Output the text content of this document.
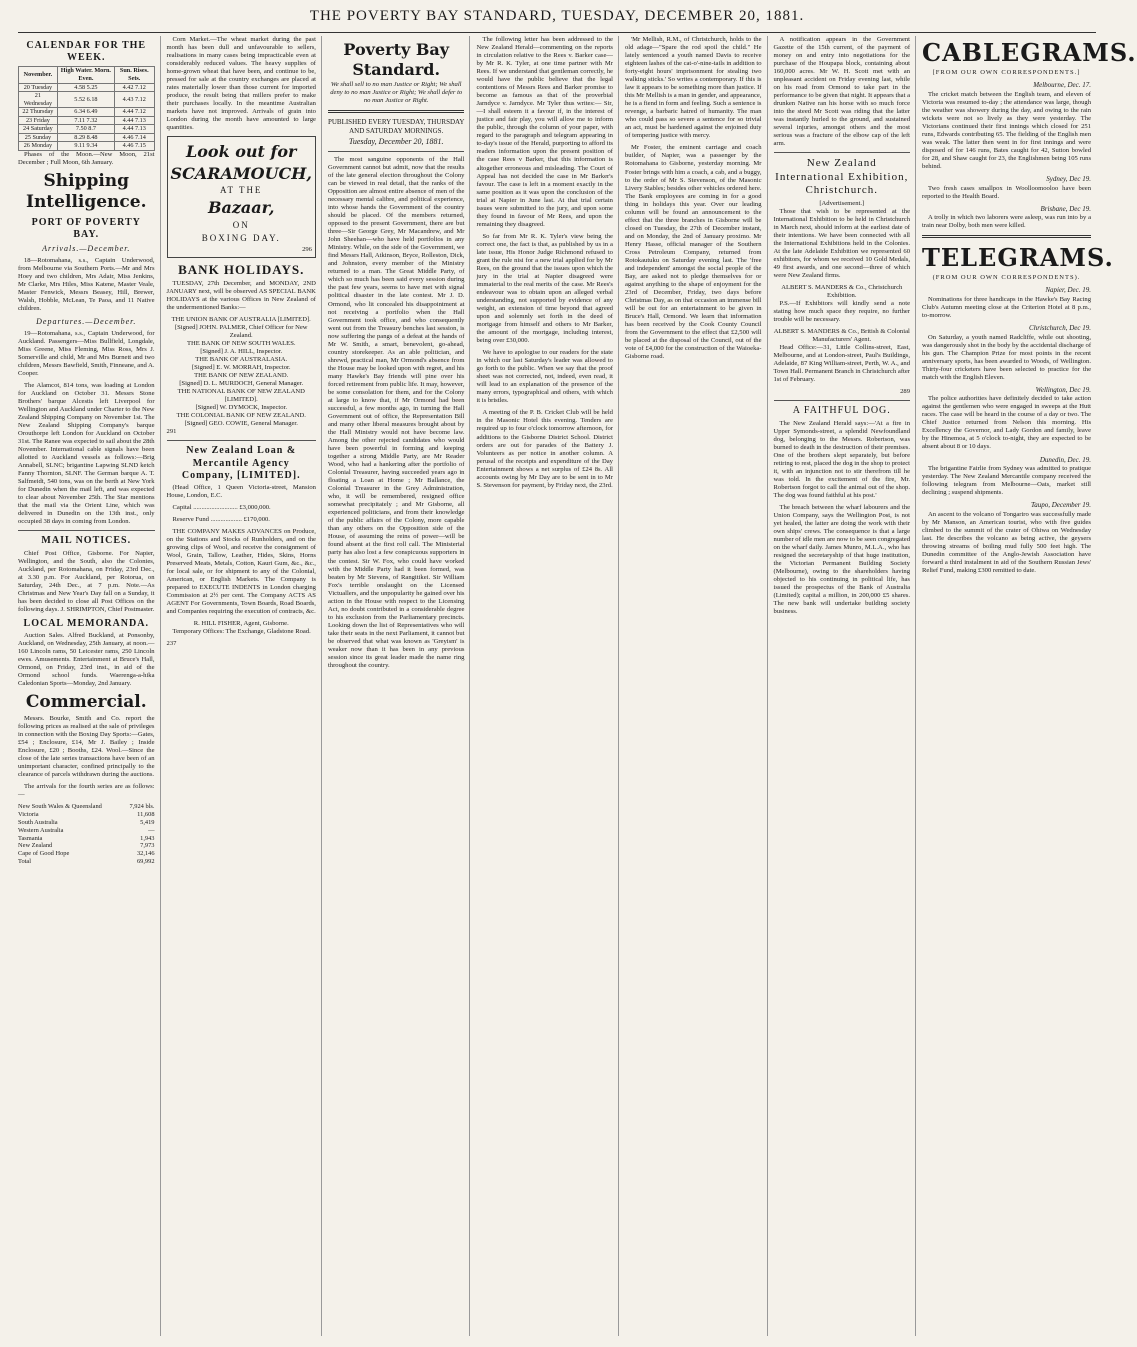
THE POVERTY BAY STANDARD, TUESDAY, DECEMBER 20, 1881.
CALENDAR FOR THE WEEK.
November.	High Water. Morn. Even.	Sun. Rises. Sets.
20 Tuesday	4.58 5.25	4.42 7.12
21 Wednesday	5.52 6.18	4.43 7.12
22 Thursday	6.34 6.49	4.44 7.12
23 Friday	7.11 7.32	4.44 7.13
24 Saturday	7.50 8.7	4.44 7.13
25 Sunday	8.29 8.48	4.46 7.14
26 Monday	9.11 9.34	4.46 7.15

Phases of the Moon.—New Moon, 21st December ; Full Moon, 6th January.

Shipping Intelligence.
PORT OF POVERTY BAY.
Arrivals.—December.

18—Rotomahana, s.s., Captain Underwood, from Melbourne via Southern Ports.—Mr and Mrs Hoey and two children, Mrs Adair, Miss Jenkins, Mr Clarke, Mrs Hiles, Miss Katene, Master Veale, Master Fenwick, Messrs Beasey, Hill, Brewer, Walsh, Hobble, McLean, Te Paoa, and 11 Native children.

Departures.—December.

19—Rotomahana, s.s., Captain Underwood, for Auckland. Passengers—Miss Bullfield, Longdale, Miss Greene, Miss Fleming, Miss Ross, Mrs J. Somerville and child, Mr and Mrs Burnett and two children, Messrs Bawfield, Smith, Finneane, and A. Cooper.

The Alamcot, 814 tons, was loading at London for Auckland on October 31. Messrs Stone Brothers' barque Alcestis left Liverpool for Wellington and Auckland under Charter to the New Zealand Shipping Company on November 1st. The New Zealand Shipping Company's barque Orouthorpe left London for Auckland on October 31st. The Ranee was expected to sail about the 28th November. International cable signals have been allotted to Auckland vessels as follows:—Brig Annabell, SLNC; brigantine Lapwing SLND ketch Fanny Thornton, SLNF. The German barque A. T. Salfmeidt, 540 tons, was on the berth at New York for Dunedin when the mail left, and was expected to clear about November 25th. The Star mentions that the mail via the Orient Line, which was delivered in Dunedin on the 13th inst., only occupied 38 days in coming from London.

MAIL NOTICES.

Chief Post Office, Gisborne. For Napier, Wellington, and the South, also the Colonies, Auckland, per Rotomahana, on Friday, 23rd Dec., at 3.30 p.m. For Auckland, per Rotorua, on Saturday, 24th Dec., at 7 p.m. Note.—As Christmas and New Year's Day fall on a Sunday, it has been decided to close all Post Offices on the following days. J. SHRIMPTON, Chief Postmaster.

LOCAL MEMORANDA.

Auction Sales. Alfred Buckland, at Ponsonby, Auckland, on Wednesday, 25th January, at noon.—160 Lincoln rams, 50 Leicester rams, 250 Lincoln ewes. Amusements. Entertainment at Bruce's Hall, Ormond, on Friday, 23rd inst., in aid of the Ormond school funds. Waerenga-a-hika Caledonian Sports—Monday, 2nd January.

Commercial.

Messrs. Bourke, Smith and Co. report the following prices as realised at the sale of privileges in connection with the Boxing Day Sports:—Gates, £54 ; Enclosure, £14, Mr J. Bailey ; Inside Enclosure, £20 ; Booths, £24. Wool.—Since the close of the late series transactions have been of an unimportant character, confined principally to the clearance of parcels withdrawn during the auctions.

The arrivals for the fourth series are as follows:—

New South Wales & Queensland	7,924 bls.
Victoria	11,608
South Australia	5,419
Western Australia	—
Tasmania	1,943
New Zealand	7,973
Cape of Good Hope	32,146
Total	69,992

Corn Market.—The wheat market during the past month has been dull and unfavourable to sellers, realisations in many cases being impracticable even at considerably reduced values. The heavy supplies of home-grown wheat that have been, and continue to be, pressed for sale at the country exchanges are placed at rates materially lower than those current for imported produce, the result being that millers prefer to make their purchases locally. In the meantime Australian markets have not improved. Arrivals of grain into London during the month have amounted to large quantities.

Look out for
SCARAMOUCH,
AT THE
Bazaar,
ON
BOXING DAY.
296
BANK HOLIDAYS.

TUESDAY, 27th December, and MONDAY, 2ND JANUARY next, will be observed AS SPECIAL BANK HOLIDAYS at the various Offices in New Zealand of the undermentioned Banks:—

THE UNION BANK OF AUSTRALIA [LIMITED].
[Signed] JOHN. PALMER, Chief Officer for New Zealand.
THE BANK OF NEW SOUTH WALES.
[Signed] J. A. HILL, Inspector.
THE BANK OF AUSTRALASIA.
[Signed] E. W. MORRAH, Inspector.
THE BANK OF NEW ZEALAND.
[Signed] D. L. MURDOCH, General Manager.
THE NATIONAL BANK OF NEW ZEALAND [LIMITED].
[Signed] W. DYMOCK, Inspector.
THE COLONIAL BANK OF NEW ZEALAND.
[Signed] GEO. COWIE, General Manager.
291
New Zealand Loan & Mercantile Agency Company, [LIMITED].

(Head Office, 1 Queen Victoria-street, Mansion House, London, E.C.

Capital ........................... £3,000,000.

Reserve Fund ................... £170,000.

THE COMPANY MAKES ADVANCES on Produce, on the Stations and Stocks of Runholders, and on the growing clips of Wool, and receive the consignment of Wool, Grain, Tallow, Leather, Hides, Skins, Horns Preserved Meats, Metals, Cotton, Kauri Gum, &c., &c., for local sale, or for shipment to any of the Colonial, American, or English Markets. The Company is prepared to EXECUTE INDENTS in London charging Commission at 2½ per cent. The Company ACTS AS AGENT For Governments, Town Boards, Road Boards, and Companies requiring the execution of contracts, &c.

R. HILL FISHER, Agent, Gisborne.

Temporary Offices: The Exchange, Gladstone Road.

237
Poverty Bay Standard.

We shall sell to no man Justice or Right; We shall deny to no man Justice or Right; We shall defer to no man Justice or Right.

PUBLISHED EVERY TUESDAY, THURSDAY AND SATURDAY MORNINGS.
Tuesday, December 20, 1881.

The most sanguine opponents of the Hall Government cannot but admit, now that the results of the late general election throughout the Colony can be viewed in real detail, that the ranks of the Opposition are almost entire absence of men of the necessary mental calibre, and political experience, into whose hands the Government of the country should be placed. Of the members returned, opposed to the present Government, there are but three—Sir George Grey, Mr Macandrew, and Mr John Sheehan—who have held portfolios in any Ministry. While, on the side of the Government, we find Messrs Hall, Atkinson, Bryce, Rolleston, Dick, and Johnston, every member of the Ministry returned to a man. The Great Middle Party, of which so much has been said every session during the past few years, seems to have met with signal political disaster in the late contest. Mr J. D. Ormond, who lit concealed his disappointment at not receiving a portfolio when the Hall Government took office, and who consequently went out from the Treasury benches last session, is now suffering the pangs of a defeat at the hands of Mr W. Smith, a smart, benevolent, go-ahead, country storekeeper. As an able politician, and shrewd, practical man, Mr Ormond's absence from the House may be looked upon with regret, and his many Hawke's Bay friends will pine over his forced retirement from public life. It may, however, be some consolation for them, and for the Colony at large to know that, if Mr Ormond had been successful, a few months ago, in turning the Hall Government out of office, the Representation Bill and many other liberal measures brought about by the Hall Ministry would not have become law. Among the other rejected candidates who would have been powerful in forming and keeping together a strong Middle Party, are Mr Reader Wood, who had a hankering after the portfolio of Colonial Treasurer, having succeeded years ago in floating a Loan at Home ; Mr Ballance, the Colonial Treasurer in the Grey Administration, who, it will be remembered, resigned office somewhat precipitately ; and Mr Gisborne, all experienced politicians, and from their knowledge of the public affairs of the Colony, more capable than any others on the Opposition side of the House, of assuming the reins of power—will be found absent at the first roll call. The Ministerial party has also lost a few conspicuous supporters in the contest. Sir W. Fox, who could have worked with the Middle Party had it been formed, was beaten by Mr Stevens, of Rangitikei. Sir William Fox's terrible onslaught on the Licensed Victuallers, and the unpopularity he gained over his action in the House with respect to the Licensing Act, no doubt contributed in a considerable degree to his exclusion from the Parliamentary precincts. Looking down the list of Representatives who will take their seats in the next Parliament, it cannot but be observed that what was known as 'Greyism' is weaker now than it has been in any previous session since its great leader made the name ring throughout the country.

The following letter has been addressed to the New Zealand Herald—commenting on the reports in circulation relative to the Rees v. Barker case—by Mr R. K. Tyler, at one time partner with Mr Rees. If we understand that gentleman correctly, he would have the public believe that the legal contentions of Messrs Rees and Barker promise to become as famous as that of the proverbial Jarndyce v. Jarndyce. Mr Tyler thus writes:— Sir,—I shall esteem it a favour if, in the interest of justice and fair play, you will allow me to inform the public, through the column of your paper, with regard to the paragraph and telegram appearing in to-day's issue of the Herald, purporting to afford its readers information upon the present position of the case Rees v Barker, that this information is altogether erroneous and misleading. The Court of Appeal has not decided the case in Mr Barker's favour. The case is left in a moment exactly in the same position as it was upon the conclusion of the trial at Napier in June last. At that trial certain issues were submitted to the jury, and upon some they found in favour of Mr Rees, and upon the remaining they disagreed.

So far from Mr R. K. Tyler's view being the correct one, the fact is that, as published by us in a late issue, His Honor Judge Richmond refused to grant the rule nisi for a new trial applied for by Mr Rees, on the ground that the issues upon which the jury in the trial at Napier disagreed were immaterial to the real merits of the case. Mr Rees's endeavour was to obtain upon an alleged verbal understanding, not supported by evidence of any weight, an extension of time beyond that agreed upon and solemnly set forth in the deed of mortgage from himself and others to Mr Barker, the amount of the mortgage, including interest, being over £30,000.

We have to apologise to our readers for the state in which our last Saturday's leader was allowed to go forth to the public. When we say that the proof sheet was not corrected, not, indeed, even read, it will lead to an explanation of the presence of the many errors, typographical and others, with which it is bristles.

A meeting of the P. B. Cricket Club will be held in the Masonic Hotel this evening. Tenders are required up to four o'clock tomorrow afternoon, for additions to the Gisborne District School. District orders are out for parades of the Battery J. Volunteers as per notice in another column. A perusal of the receipts and expenditure of the Day Entertainment shows a net surplus of £24 8s. All accounts owing by Mr Day are to be sent in to Mr S. Stevenson for payment, by Friday next, the 23rd.

'Mr Mellish, R.M., of Christchurch, holds to the old adage—"Spare the rod spoil the child." He lately sentenced a youth named Davis to receive eighteen lashes of the cat-o'-nine-tails in addition to forty-eight hours' imprisonment for stealing two walking sticks.' So writes a contemporary. If this is law it appears to be something more than justice. If this Mr Mellish is a man in gender, and appearance, he is a fiend in form and feeling. Such a sentence is revenge, a barbaric hatred of humanity. The man who could pass so severe a sentence for so trivial an act, must be hardened against the enjoined duty of tempering justice with mercy.

Mr Foster, the eminent carriage and coach builder, of Napier, was a passenger by the Rotomahana to Gisborne, yesterday morning. Mr Foster brings with him a coach, a cab, and a buggy, to the order of Mr S. Stevenson, of the Masonic Livery Stables; besides other vehicles ordered here. The Bank employees are coming in for a good thing in holidays this year. Over our leading column will be found an announcement to the effect that the three branches in Gisborne will be closed on Tuesday, the 27th of December instant, and on Monday, the 2nd of January proximo. Mr Henry Hasse, official manager of the Southern Cross Petroleum Company, returned from Rotokautuku on Saturday evening last. The 'free and independent' amongst the social people of the Bay, are asked not to pledge themselves for or against anything to the shape of enjoyment for the 23rd of December, Friday, two days before Christmas Day, as on that occasion an immense bill will be out for an entertainment to be given in Bruce's Hall, Ormond. We learn that information has been received by the Cook County Council from the Government to the effect that £2,500 will be placed at the disposal of the Council, out of the vote of £4,000 for the construction of the Waioeka-Gisborne road.

A notification appears in the Government Gazette of the 15th current, of the payment of money on and entry into negotiations for the purchase of the Houpapa block, containing about 160,000 acres. Mr W. H. Scott met with an unpleasant accident on Friday evening last, while on his road from Ormond to take part in the performance to be given that night. It appears that a drunken Native ran his horse with so much force into the steed Mr Scott was riding that the latter was instantly hurled to the ground, and sustained several injuries, amongst others and the most serious was a fracture of the elbow cap of the left arm.

New Zealand International Exhibition, Christchurch.
[Advertisement.]

Those that wish to be represented at the International Exhibition to be held in Christchurch in March next, should inform at the earliest date of their intentions. We have been connected with all the International Exhibitions held in the Colonies. At the late Adelaide Exhibition we represented 60 exhibitors, for whom we received 10 Gold Medals, 49 first awards, and one second—three of which were New Zealand firms.

ALBERT S. MANDERS & Co., Christchurch Exhibition.

P.S.—If Exhibitors will kindly send a note stating how much space they require, no further trouble will be necessary.

ALBERT S. MANDERS & Co., British & Colonial Manufacturers' Agent.

Head Office:—31, Little Collins-street, East, Melbourne, and at London-street, Paul's Buildings, Adelaide, 87 King William-street, Perth, W. A., and Town Hall. Permanent Branch in Christchurch after 1st of February.

289
A FAITHFUL DOG.

The New Zealand Herald says:—'At a fire in Upper Symonds-street, a splendid Newfoundland dog, belonging to the Messrs. Robertson, was burned to death in the destruction of their premises. One of the brothers slept separately, but before retiring to rest, placed the dog in the shop to protect it, with an injunction not to stir therefrom till he was told. In the excitement of the fire, Mr. Robertson forgot to call the animal out of the shop. The dog was found faithful at his post.'

The breach between the wharf labourers and the Union Company, says the Wellington Post, is not yet healed, the latter are doing the work with their own ships' crews. The consequence is that a large number of idle men are now to be seen congregated on the wharf daily. James Munro, M.L.A., who has resigned the secretaryship of that huge institution, the Victorian Permanent Building Society (Melbourne), owing to the shareholders having objected to his continuing in political life, has issued the prospectus of the Bank of Australia (Limited); capital a million, in 200,000 £5 shares. The new bank will undertake building society business.

CABLEGRAMS.
[FROM OUR OWN CORRESPONDENTS.]
Melbourne, Dec. 17.

The cricket match between the English team, and eleven of Victoria was resumed to-day ; the attendance was large, though the weather was showery during the day, and owing to the rain wickets were not so lively as they were yesterday. The Victorians continued their first innings which closed for 251 runs, Edwards contributing 65. The fielding of the English men was weak. The latter then went in for first innings and were disposed of for 146 runs, Bates caught for 42, Sutton bowled for 28, and Shaw caught for 23, the Englishmen being 105 runs behind.

Sydney, Dec 19.

Two fresh cases smallpox in Woolloomooloo have been reported to the Health Board.

Brisbane, Dec 19.

A trolly in which two laborers were asleep, was run into by a train near Dolby, both men were killed.

TELEGRAMS.
(FROM OUR OWN CORRESPONDENTS).
Napier, Dec. 19.

Nominations for three handicaps in the Hawke's Bay Racing Club's Autumn meeting close at the Criterion Hotel at 8 p.m., to-morrow.

Christchurch, Dec 19.

On Saturday, a youth named Radcliffe, while out shooting, was dangerously shot in the body by the accidental discharge of his gun. The Champion Prize for most points in the recent anniversary sports, has been awarded to Woods, of Wellington. Thirty-four cricketers have been selected to practice for the match with the English Eleven.

Wellington, Dec 19.

The police authorities have definitely decided to take action against the gentlemen who were engaged in sweeps at the Hutt races. The case will be heard in the course of a day or two. The Chief Justice returned from Nelson this morning. His Excellency the Governor, and Lady Gordon and family, leave by the Hinemoa, at 5 o'clock to-night, they are expected to be absent about 8 or 10 days.

Dunedin, Dec. 19.

The brigantine Fairlie from Sydney was admitted to pratique yesterday. The New Zealand Mercantile company received the following telegram from Melbourne—Oats, market still declining ; suspend shipments.

Taupo, December 19.

An ascent to the volcano of Tongariro was successfully made by Mr Manson, an American tourist, who with five guides climbed to the summit of the crater of Ohiwa on Wednesday last. He describes the volcano as being active, the geysers throwing streams of boiling mud fully 500 feet high. The Dunedin committee of the Anglo-Jewish Association have forward a third instalment in aid of the Southern Russian Jews' Relief Fund, making £300 remitted to date.
